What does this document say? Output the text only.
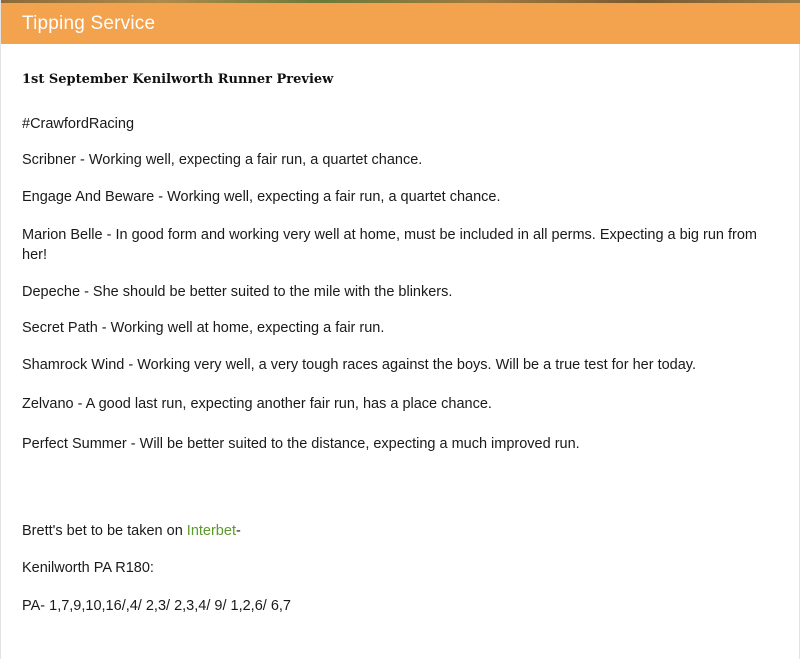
Tipping Service
1st September Kenilworth Runner Preview
#CrawfordRacing
Scribner - Working well, expecting a fair run, a quartet chance.
Engage And Beware - Working well, expecting a fair run, a quartet chance.
Marion Belle - In good form and working very well at home, must be included in all perms. Expecting a big run from her!
Depeche - She should be better suited to the mile with the blinkers.
Secret Path - Working well at home, expecting a fair run.
Shamrock Wind - Working very well, a very tough races against the boys. Will be a true test for her today.
Zelvano - A good last run, expecting another fair run, has a place chance.
Perfect Summer - Will be better suited to the distance, expecting a much improved run.
Brett's bet to be taken on Interbet-
Kenilworth PA R180:
PA- 1,7,9,10,16/,4/ 2,3/ 2,3,4/ 9/ 1,2,6/ 6,7
